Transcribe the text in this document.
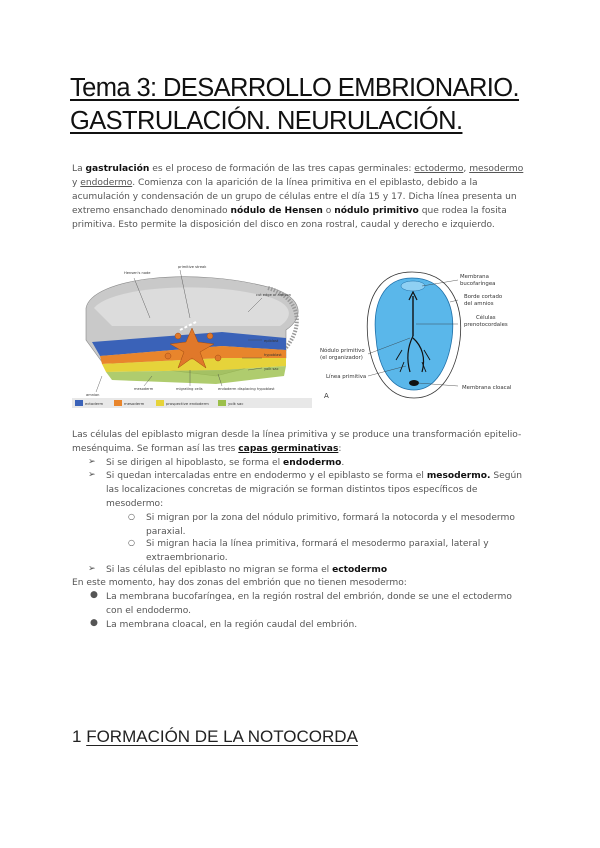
Tema 3: DESARROLLO EMBRIONARIO.
GASTRULACIÓN. NEURULACIÓN.

La gastrulación es el proceso de formación de las tres capas germinales: ectodermo, mesodermo y endodermo. Comienza con la aparición de la línea primitiva en el epiblasto, debido a la acumulación y condensación de un grupo de células entre el día 15 y 17. Dicha línea presenta un extremo ensanchado denominado nódulo de Hensen o nódulo primitivo que rodea la fosita primitiva. Esto permite la disposición del disco en zona rostral, caudal y derecho e izquierdo.

Hensen's node
primitive streak
cut edge of amnion
epiblast
hypoblast
yolk sac
mesoderm	migrating cells	endoderm displacing hypoblast
amnion
ectoderm	mesoderm	prospective endoderm	yolk sac
Membrana
bucofaríngea
Borde cortado
del amnios
Células
prenotocordales
Nódulo primitivo
(el organizador)
Línea primitiva
Membrana cloacal
A

Las células del epiblasto migran desde la línea primitiva y se produce una transformación epitelio-mesénquima. Se forman así las tres capas germinativas:

➢ Si se dirigen al hipoblasto, se forma el endodermo.

➢ Si quedan intercaladas entre en endodermo y el epiblasto se forma el mesodermo. Según las localizaciones concretas de migración se forman distintos tipos específicos de mesodermo:

○ Si migran por la zona del nódulo primitivo, formará la notocorda y el mesodermo paraxial.

○ Si migran hacia la línea primitiva, formará el mesodermo paraxial, lateral y extraembrionario.

➢ Si las células del epiblasto no migran se forma el ectodermo

En este momento, hay dos zonas del embrión que no tienen mesodermo:

● La membrana bucofaríngea, en la región rostral del embrión, donde se une el ectodermo con el endodermo.

● La membrana cloacal, en la región caudal del embrión.

1 FORMACIÓN DE LA NOTOCORDA
